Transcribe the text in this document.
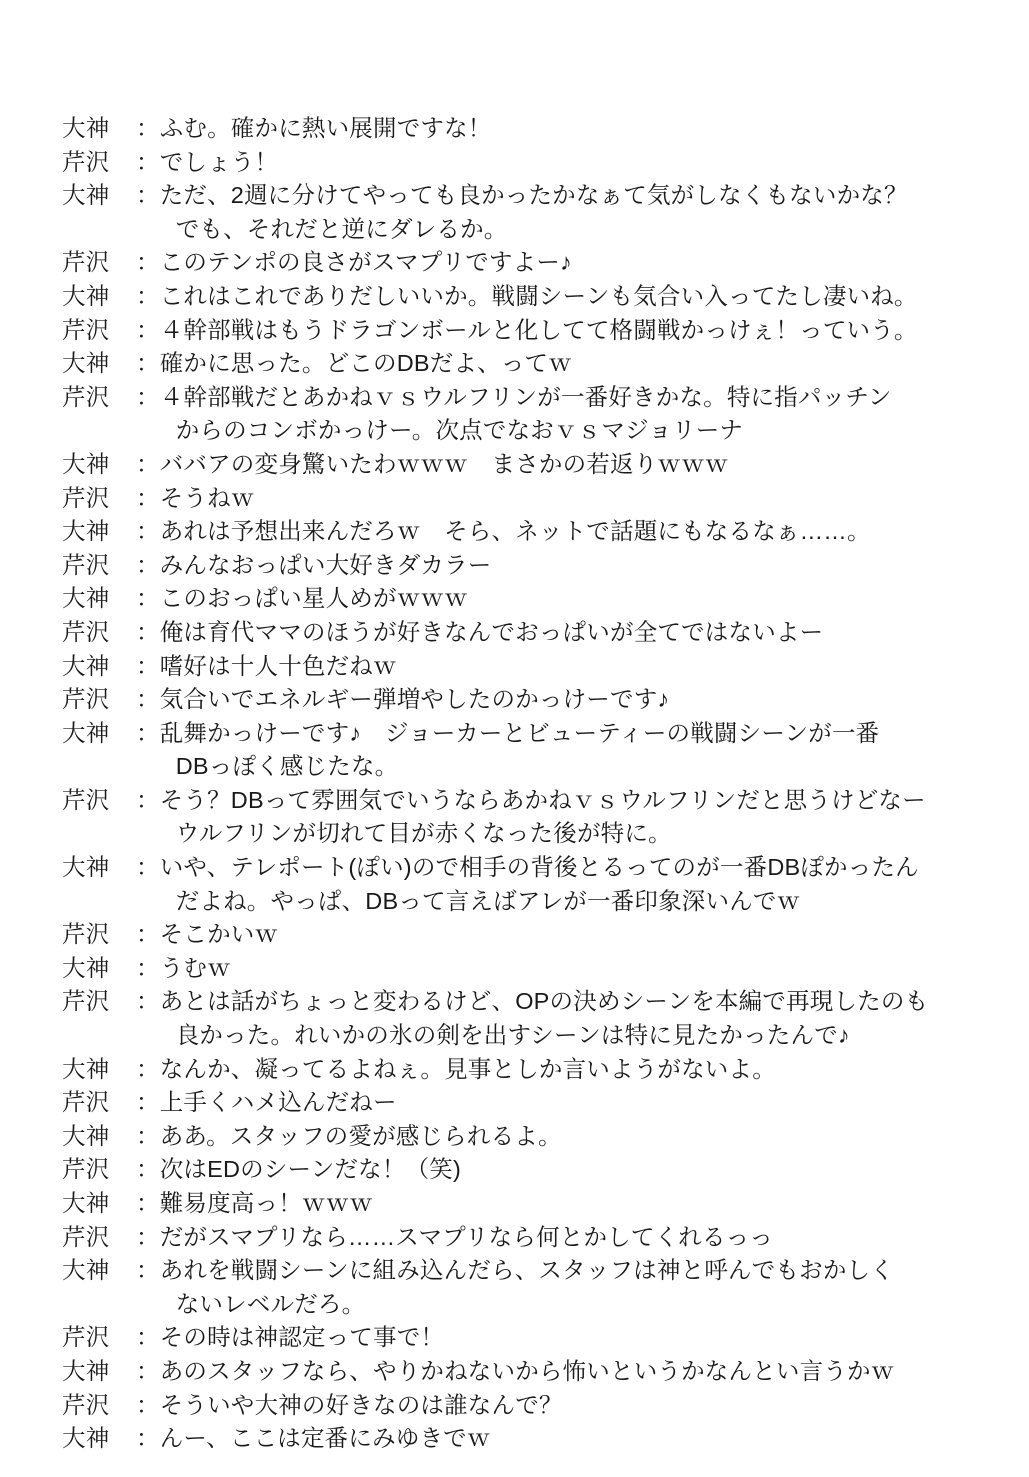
大神	： ふむ。確かに熱い展開ですな！
芹沢	： でしょう！
大神	： ただ、2週に分けてやっても良かったかなぁて気がしなくもないかな？
でも、それだと逆にダレるか。
芹沢	： このテンポの良さがスマプリですよー♪
大神	： これはこれでありだしいいか。戦闘シーンも気合い入ってたし凄いね。
芹沢	： ４幹部戦はもうドラゴンボールと化してて格闘戦かっけぇ！っていう。
大神	： 確かに思った。どこのDBだよ、ってｗ
芹沢	： ４幹部戦だとあかねｖｓウルフリンが一番好きかな。特に指パッチン
からのコンボかっけー。次点でなおｖｓマジョリーナ
大神	： ババアの変身驚いたわｗｗｗ　まさかの若返りｗｗｗ
芹沢	： そうねｗ
大神	： あれは予想出来んだろｗ　そら、ネットで話題にもなるなぁ……。
芹沢	： みんなおっぱい大好きダカラー
大神	： このおっぱい星人めがｗｗｗ
芹沢	： 俺は育代ママのほうが好きなんでおっぱいが全てではないよー
大神	： 嗜好は十人十色だねｗ
芹沢	： 気合いでエネルギー弾増やしたのかっけーです♪
大神	： 乱舞かっけーです♪　ジョーカーとビューティーの戦闘シーンが一番
DBっぽく感じたな。
芹沢	： そう？DBって雰囲気でいうならあかねｖｓウルフリンだと思うけどなー
ウルフリンが切れて目が赤くなった後が特に。
大神	： いや、テレポート(ぽい)ので相手の背後とるってのが一番DBぽかったん
だよね。やっぱ、DBって言えばアレが一番印象深いんでｗ
芹沢	： そこかいｗ
大神	： うむｗ
芹沢	： あとは話がちょっと変わるけど、OPの決めシーンを本編で再現したのも
良かった。れいかの氷の剣を出すシーンは特に見たかったんで♪
大神	： なんか、凝ってるよねぇ。見事としか言いようがないよ。
芹沢	： 上手くハメ込んだねー
大神	： ああ。スタッフの愛が感じられるよ。
芹沢	： 次はEDのシーンだな！（笑)
大神	： 難易度高っ！ｗｗｗ
芹沢	： だがスマプリなら……スマプリなら何とかしてくれるっっ
大神	： あれを戦闘シーンに組み込んだら、スタッフは神と呼んでもおかしく
ないレベルだろ。
芹沢	： その時は神認定って事で！
大神	： あのスタッフなら、やりかねないから怖いというかなんとい言うかｗ
芹沢	： そういや大神の好きなのは誰なんで？
大神	： んー、ここは定番にみゆきでｗ
